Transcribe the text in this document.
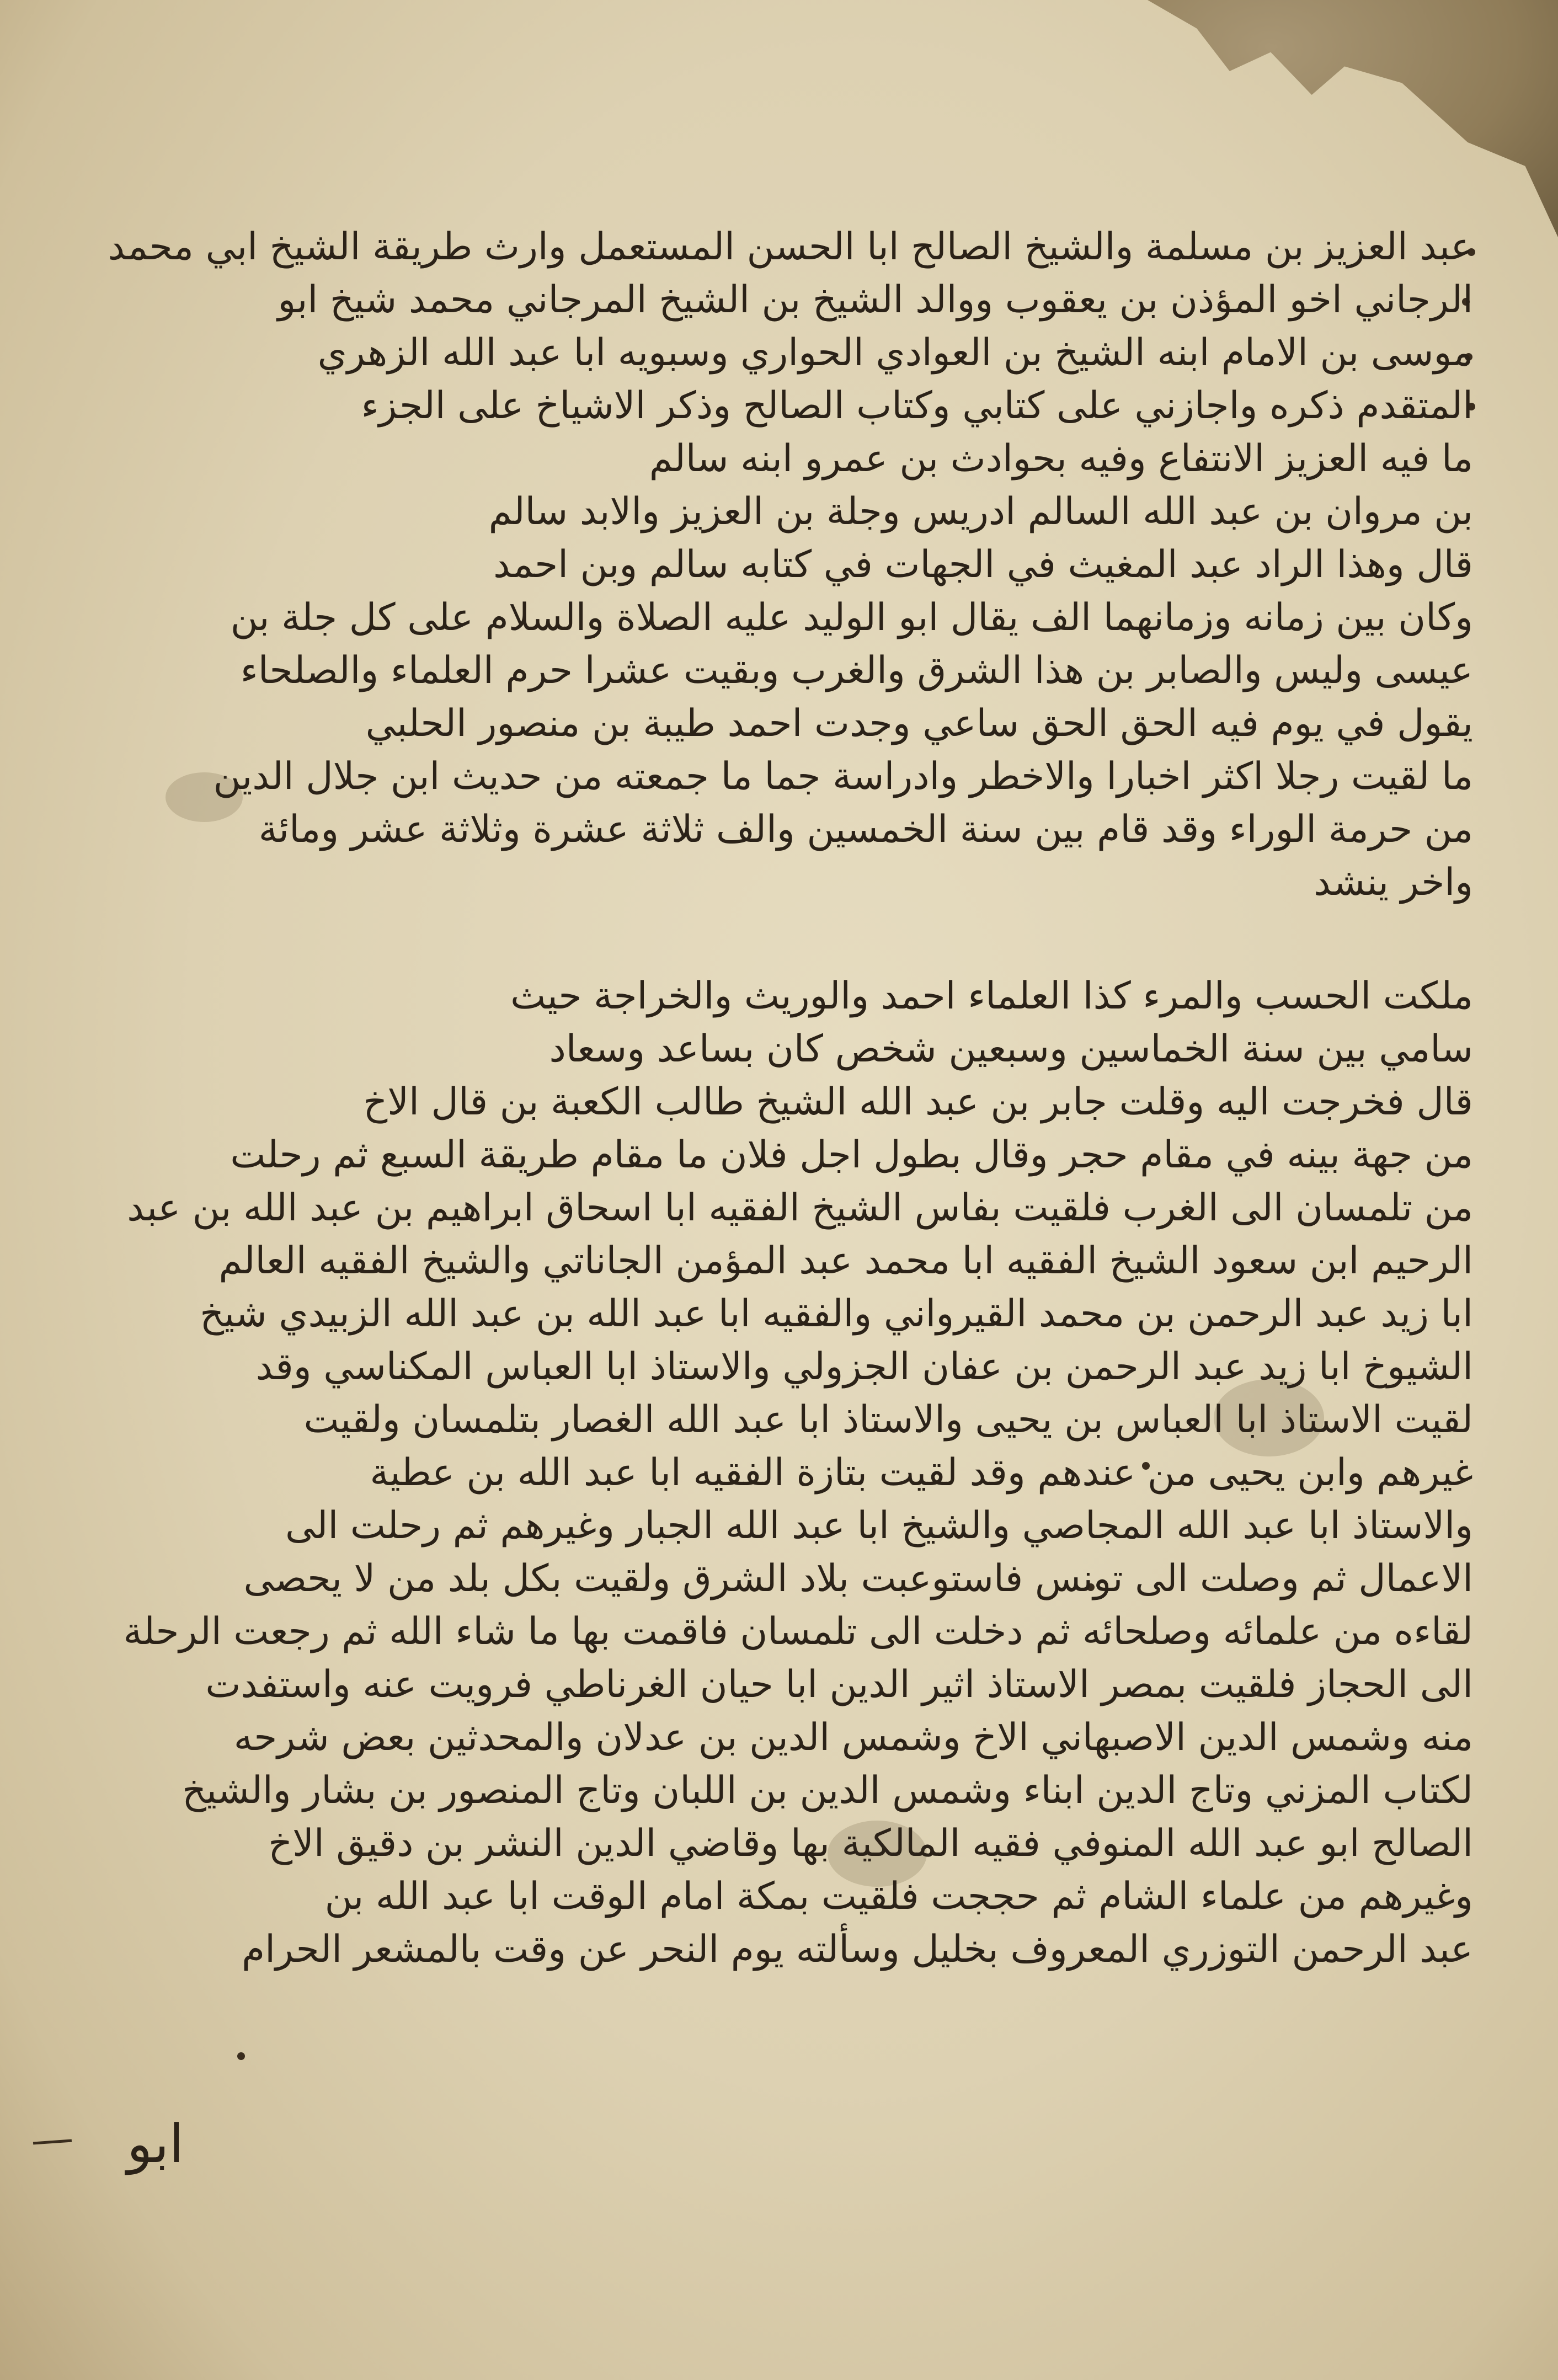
عبد العزيز بن مسلمة والشيخ الصالح ابا الحسن المستعمل وارث طريقة الشيخ ابي محمد
الرجاني اخو المؤذن بن يعقوب ووالد الشيخ بن الشيخ المرجاني محمد شيخ ابو
موسى بن الامام ابنه الشيخ بن العوادي الحواري وسبويه ابا عبد الله الزهري
المتقدم ذكره واجازني على كتابي وكتاب الصالح وذكر الاشياخ على الجزء
ما فيه العزيز الانتفاع وفيه بحوادث بن عمرو ابنه سالم
بن مروان بن عبد الله السالم ادريس وجلة بن العزيز والابد سالم
قال وهذا الراد عبد المغيث في الجهات في كتابه سالم وبن احمد
وكان بين زمانه وزمانهما الف يقال ابو الوليد عليه الصلاة والسلام على كل جلة بن
عيسى وليس والصابر بن هذا الشرق والغرب وبقيت عشرا حرم العلماء والصلحاء
يقول في يوم فيه الحق الحق ساعي وجدت احمد طيبة بن منصور الحلبي
ما لقيت رجلا اكثر اخبارا والاخطر وادراسة جما ما جمعته من حديث ابن جلال الدين
من حرمة الوراء وقد قام بين سنة الخمسين والف ثلاثة عشرة وثلاثة عشر ومائة
واخر ينشد
ملكت الحسب والمرء كذا العلماء احمد والوريث والخراجة حيث
سامي بين سنة الخماسين وسبعين شخص كان بساعد وسعاد
قال فخرجت اليه وقلت جابر بن عبد الله الشيخ طالب الكعبة بن قال الاخ
من جهة بينه في مقام حجر وقال بطول اجل فلان ما مقام طريقة السبع ثم رحلت
من تلمسان الى الغرب فلقيت بفاس الشيخ الفقيه ابا اسحاق ابراهيم بن عبد الله بن عبد
الرحيم ابن سعود الشيخ الفقيه ابا محمد عبد المؤمن الجاناتي والشيخ الفقيه العالم
ابا زيد عبد الرحمن بن محمد القيرواني والفقيه ابا عبد الله بن عبد الله الزبيدي شيخ
الشيوخ ابا زيد عبد الرحمن بن عفان الجزولي والاستاذ ابا العباس المكناسي وقد
لقيت الاستاذ ابا العباس بن يحيى والاستاذ ابا عبد الله الغصار بتلمسان ولقيت
غيرهم وابن يحيى من عندهم وقد لقيت بتازة الفقيه ابا عبد الله بن عطية
والاستاذ ابا عبد الله المجاصي والشيخ ابا عبد الله الجبار وغيرهم ثم رحلت الى
الاعمال ثم وصلت الى تونس فاستوعبت بلاد الشرق ولقيت بكل بلد من لا يحصى
لقاءه من علمائه وصلحائه ثم دخلت الى تلمسان فاقمت بها ما شاء الله ثم رجعت الرحلة
الى الحجاز فلقيت بمصر الاستاذ اثير الدين ابا حيان الغرناطي فرويت عنه واستفدت
منه وشمس الدين الاصبهاني الاخ وشمس الدين بن عدلان والمحدثين بعض شرحه
لكتاب المزني وتاج الدين ابناء وشمس الدين بن اللبان وتاج المنصور بن بشار والشيخ
الصالح ابو عبد الله المنوفي فقيه المالكية بها وقاضي الدين النشر بن دقيق الاخ
وغيرهم من علماء الشام ثم حججت فلقيت بمكة امام الوقت ابا عبد الله بن
عبد الرحمن التوزري المعروف بخليل وسألته يوم النحر عن وقت بالمشعر الحرام
ابو
